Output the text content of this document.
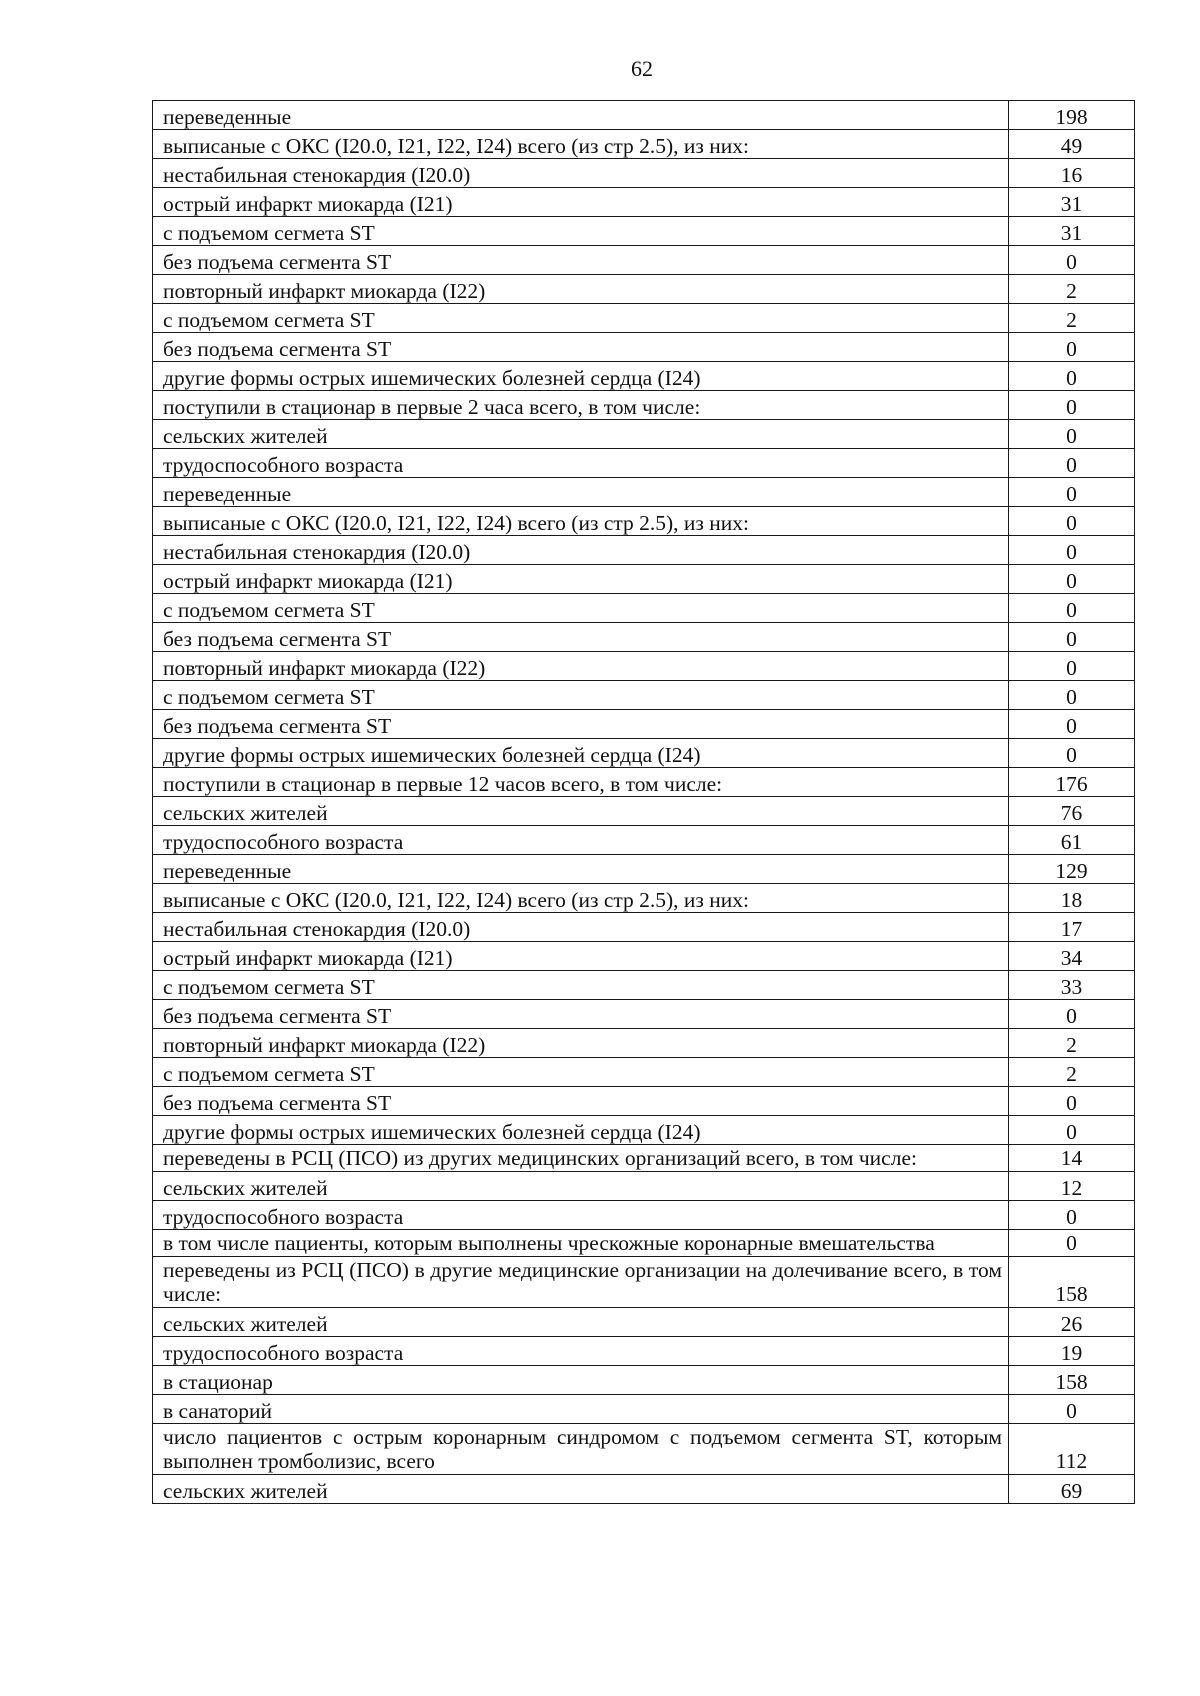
62
переведенные	198
выписаные с ОКС (I20.0, I21, I22, I24) всего (из стр 2.5), из них:	49
нестабильная стенокардия (I20.0)	16
острый инфаркт миокарда (I21)	31
с подъемом сегмета ST	31
без подъема сегмента ST	0
повторный инфаркт миокарда (I22)	2
с подъемом сегмета ST	2
без подъема сегмента ST	0
другие формы острых ишемических болезней сердца (I24)	0
поступили в стационар в первые 2 часа всего, в том числе:	0
сельских жителей	0
трудоспособного возраста	0
переведенные	0
выписаные с ОКС (I20.0, I21, I22, I24) всего (из стр 2.5), из них:	0
нестабильная стенокардия (I20.0)	0
острый инфаркт миокарда (I21)	0
с подъемом сегмета ST	0
без подъема сегмента ST	0
повторный инфаркт миокарда (I22)	0
с подъемом сегмета ST	0
без подъема сегмента ST	0
другие формы острых ишемических болезней сердца (I24)	0
поступили в стационар в первые 12 часов всего, в том числе:	176
сельских жителей	76
трудоспособного возраста	61
переведенные	129
выписаные с ОКС (I20.0, I21, I22, I24) всего (из стр 2.5), из них:	18
нестабильная стенокардия (I20.0)	17
острый инфаркт миокарда (I21)	34
с подъемом сегмета ST	33
без подъема сегмента ST	0
повторный инфаркт миокарда (I22)	2
с подъемом сегмета ST	2
без подъема сегмента ST	0
другие формы острых ишемических болезней сердца (I24)	0
переведены в РСЦ (ПСО) из других медицинских организаций всего, в том числе:	14
сельских жителей	12
трудоспособного возраста	0
в том числе пациенты, которым выполнены чрескожные коронарные вмешательства	0
переведены из РСЦ (ПСО) в другие медицинские организации на долечивание всего, в том числе:	158
сельских жителей	26
трудоспособного возраста	19
в стационар	158
в санаторий	0
число пациентов с острым коронарным синдромом с подъемом сегмента ST, которым выполнен тромболизис, всего	112
сельских жителей	69
